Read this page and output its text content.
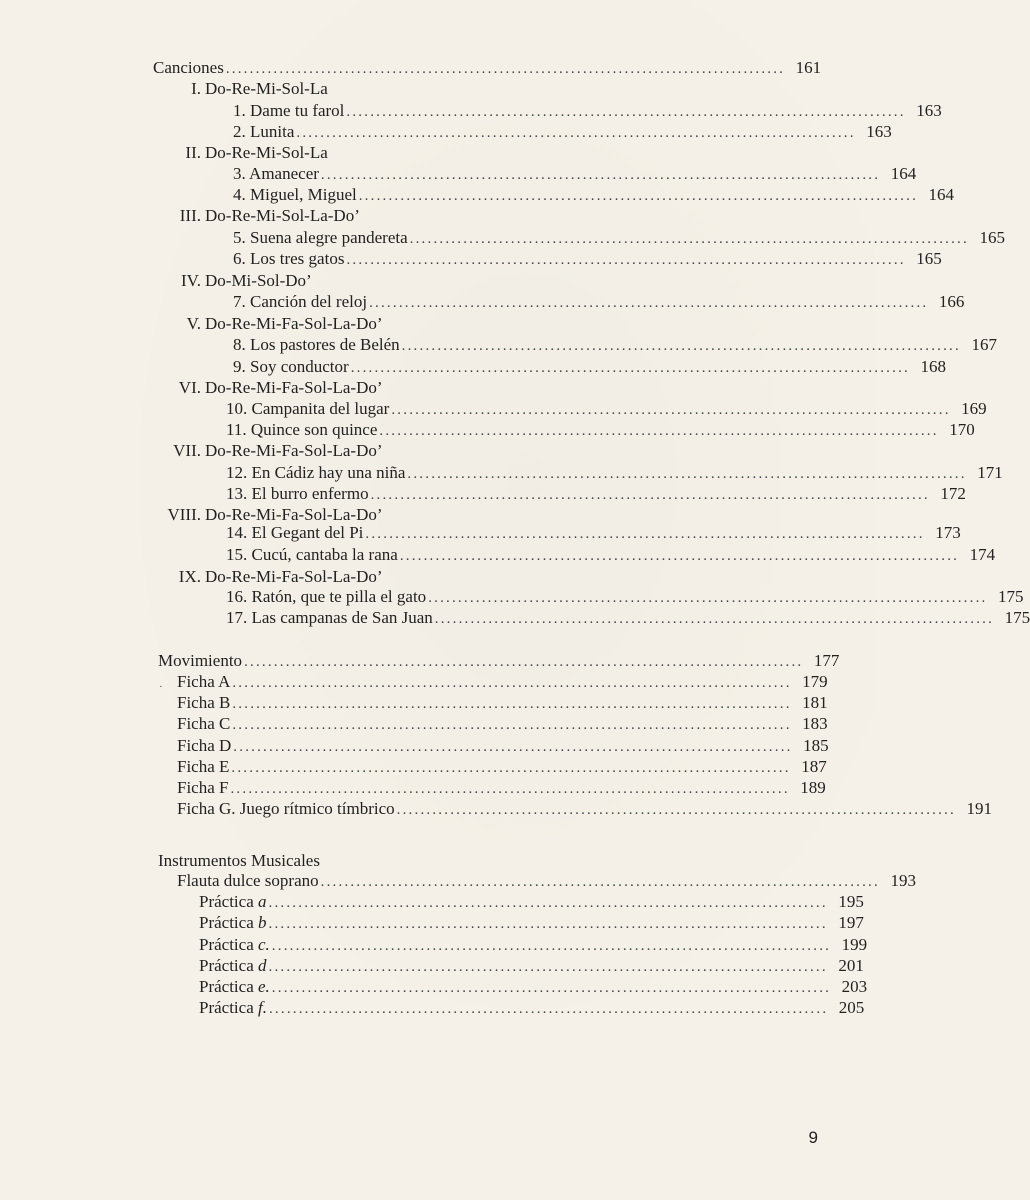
Canciones .............................................................................................. 161
I. Do-Re-Mi-Sol-La
1. Dame tu farol .............................................................................................. 163
2. Lunita .............................................................................................. 163
II. Do-Re-Mi-Sol-La
3. Amanecer .............................................................................................. 164
4. Miguel, Miguel .............................................................................................. 164
III. Do-Re-Mi-Sol-La-Do’
5. Suena alegre pandereta .............................................................................................. 165
6. Los tres gatos .............................................................................................. 165
IV. Do-Mi-Sol-Do’
7. Canción del reloj .............................................................................................. 166
V. Do-Re-Mi-Fa-Sol-La-Do’
8. Los pastores de Belén .............................................................................................. 167
9. Soy conductor .............................................................................................. 168
VI. Do-Re-Mi-Fa-Sol-La-Do’
10. Campanita del lugar .............................................................................................. 169
11. Quince son quince .............................................................................................. 170
VII. Do-Re-Mi-Fa-Sol-La-Do’
12. En Cádiz hay una niña .............................................................................................. 171
13. El burro enfermo .............................................................................................. 172
VIII. Do-Re-Mi-Fa-Sol-La-Do’
14. El Gegant del Pi .............................................................................................. 173
15. Cucú, cantaba la rana .............................................................................................. 174
IX. Do-Re-Mi-Fa-Sol-La-Do’
16. Ratón, que te pilla el gato .............................................................................................. 175
17. Las campanas de San Juan .............................................................................................. 175
Movimiento .............................................................................................. 177
· Ficha A .............................................................................................. 179
Ficha B .............................................................................................. 181
Ficha C .............................................................................................. 183
Ficha D .............................................................................................. 185
Ficha E .............................................................................................. 187
Ficha F .............................................................................................. 189
Ficha G. Juego rítmico tímbrico .............................................................................................. 191
Instrumentos Musicales
Flauta dulce soprano .............................................................................................. 193
Práctica a .............................................................................................. 195
Práctica b .............................................................................................. 197
Práctica c. .............................................................................................. 199
Práctica d .............................................................................................. 201
Práctica e. .............................................................................................. 203
Práctica f. .............................................................................................. 205
9
